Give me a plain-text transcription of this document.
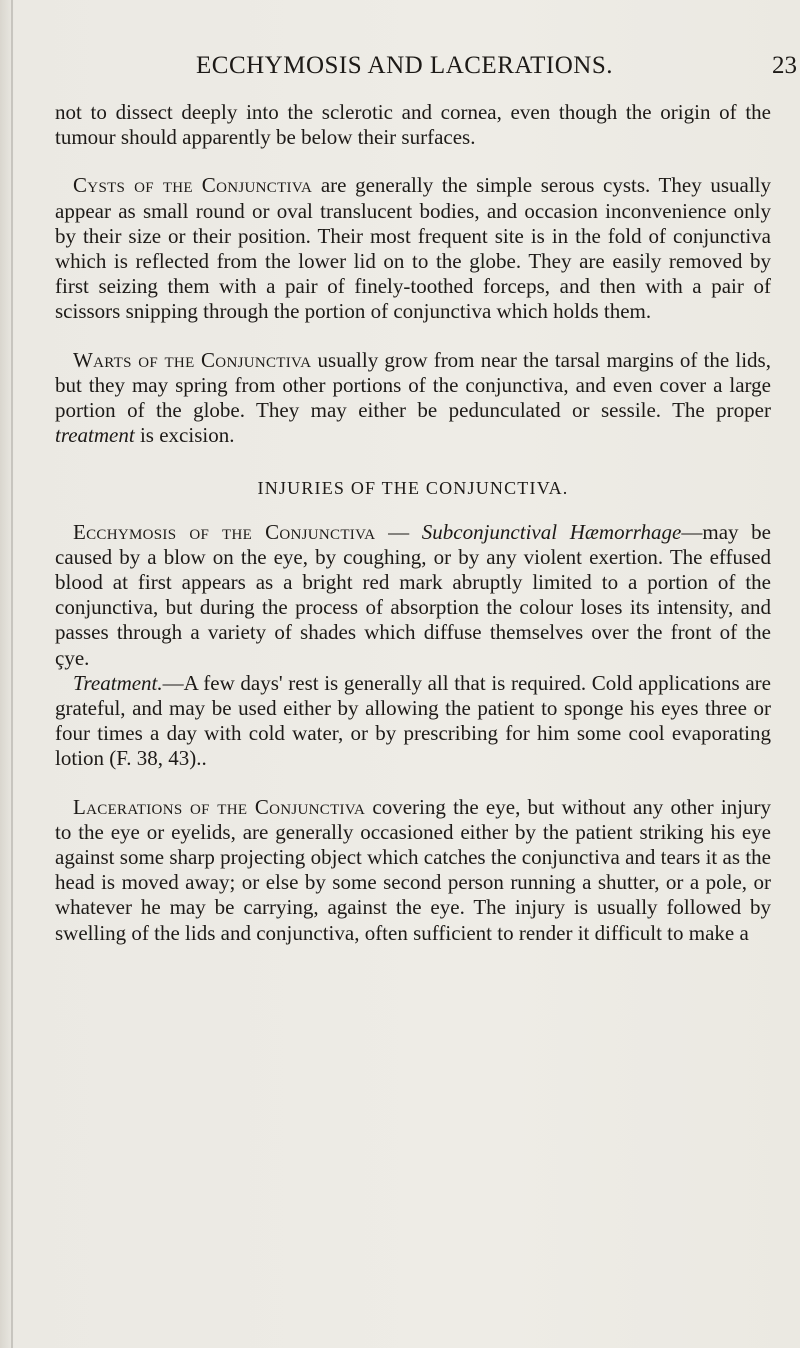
ECCHYMOSIS AND LACERATIONS.	23

not to dissect deeply into the sclerotic and cornea, even though the origin of the tumour should apparently be below their surfaces.

Cysts of the Conjunctiva are generally the simple serous cysts. They usually appear as small round or oval translucent bodies, and occasion inconvenience only by their size or their position. Their most frequent site is in the fold of conjunctiva which is reflected from the lower lid on to the globe. They are easily removed by first seizing them with a pair of finely-toothed forceps, and then with a pair of scissors snipping through the portion of conjunctiva which holds them.

Warts of the Conjunctiva usually grow from near the tarsal margins of the lids, but they may spring from other portions of the conjunctiva, and even cover a large portion of the globe. They may either be pedunculated or sessile. The proper treatment is excision.

INJURIES OF THE CONJUNCTIVA.

Ecchymosis of the Conjunctiva — Subconjunctival Hæmorrhage—may be caused by a blow on the eye, by coughing, or by any violent exertion. The effused blood at first appears as a bright red mark abruptly limited to a portion of the conjunctiva, but during the process of absorption the colour loses its intensity, and passes through a variety of shades which diffuse themselves over the front of the çye.

Treatment.—A few days' rest is generally all that is required. Cold applications are grateful, and may be used either by allowing the patient to sponge his eyes three or four times a day with cold water, or by prescribing for him some cool evaporating lotion (F. 38, 43)..

Lacerations of the Conjunctiva covering the eye, but without any other injury to the eye or eyelids, are generally occasioned either by the patient striking his eye against some sharp projecting object which catches the conjunctiva and tears it as the head is moved away; or else by some second person running a shutter, or a pole, or whatever he may be carrying, against the eye. The injury is usually followed by swelling of the lids and conjunctiva, often sufficient to render it difficult to make a
